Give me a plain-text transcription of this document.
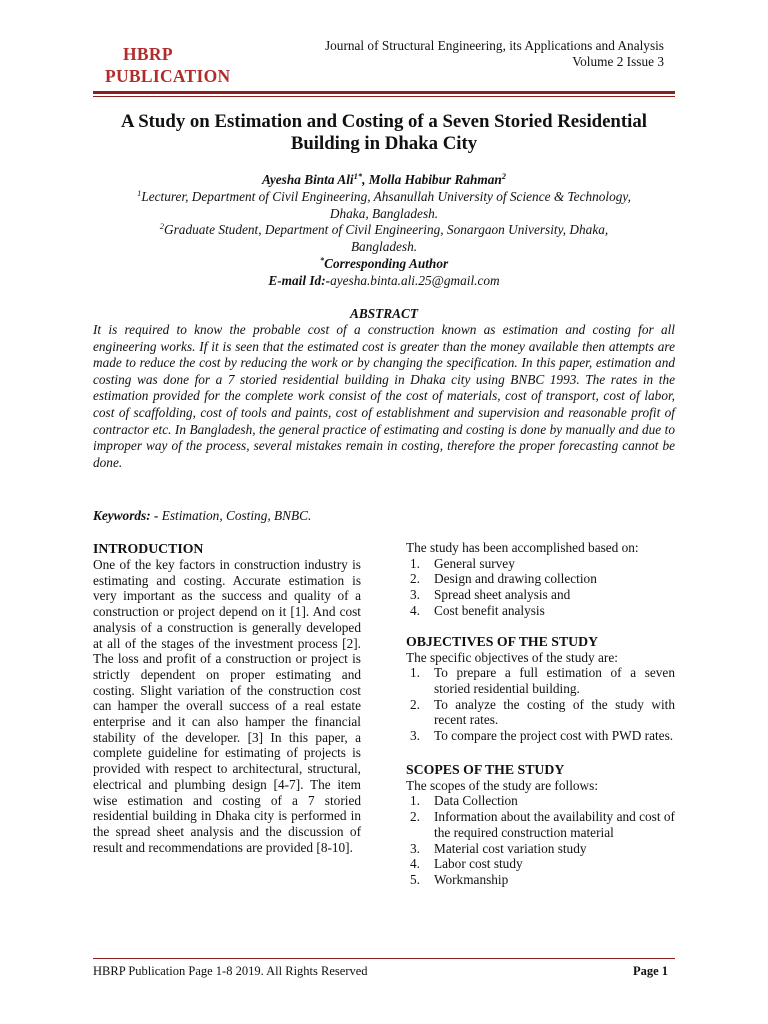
HBRP
PUBLICATION
Journal of Structural Engineering, its Applications and Analysis
Volume 2 Issue 3
A Study on Estimation and Costing of a Seven Storied Residential
Building in Dhaka City
Ayesha Binta Ali$^{1*}$, Molla Habibur Rahman$^2$
$^1$Lecturer, Department of Civil Engineering, Ahsanullah University of Science & Technology,
Dhaka, Bangladesh.
$^2$Graduate Student, Department of Civil Engineering, Sonargaon University, Dhaka,
Bangladesh.
*Corresponding Author
E-mail Id:-ayesha.binta.ali.25@gmail.com
ABSTRACT
It is required to know the probable cost of a construction known as estimation and costing for all engineering works. If it is seen that the estimated cost is greater than the money available then attempts are made to reduce the cost by reducing the work or by changing the specification. In this paper, estimation and costing was done for a 7 storied residential building in Dhaka city using BNBC 1993. The rates in the estimation provided for the complete work consist of the cost of materials, cost of transport, cost of labor, cost of scaffolding, cost of tools and paints, cost of establishment and supervision and reasonable profit of contractor etc. In Bangladesh, the general practice of estimating and costing is done by manually and due to improper way of the process, several mistakes remain in costing, therefore the proper forecasting cannot be done.
Keywords: - Estimation, Costing, BNBC.

INTRODUCTION

One of the key factors in construction industry is estimating and costing. Accurate estimation is very important as the success and quality of a construction or project depend on it [1]. And cost analysis of a construction is generally developed at all of the stages of the investment process [2]. The loss and profit of a construction or project is strictly dependent on proper estimating and costing. Slight variation of the construction cost can hamper the overall success of a real estate enterprise and it can also hamper the financial stability of the developer. [3] In this paper, a complete guideline for estimating of projects is provided with respect to architectural, structural, electrical and plumbing design [4-7]. The item wise estimation and costing of a 7 storied residential building in Dhaka city is performed in the spread sheet analysis and the discussion of result and recommendations are provided [8-10].

The study has been accomplished based on:

1. General survey
2. Design and drawing collection
3. Spread sheet analysis and
4. Cost benefit analysis

OBJECTIVES OF THE STUDY

The specific objectives of the study are:

1. To prepare a full estimation of a seven storied residential building.
2. To analyze the costing of the study with recent rates.
3. To compare the project cost with PWD rates.

SCOPES OF THE STUDY

The scopes of the study are follows:

1. Data Collection
2. Information about the availability and cost of the required construction material
3. Material cost variation study
4. Labor cost study
5. Workmanship
HBRP Publication Page 1-8 2019. All Rights Reserved	Page 1
